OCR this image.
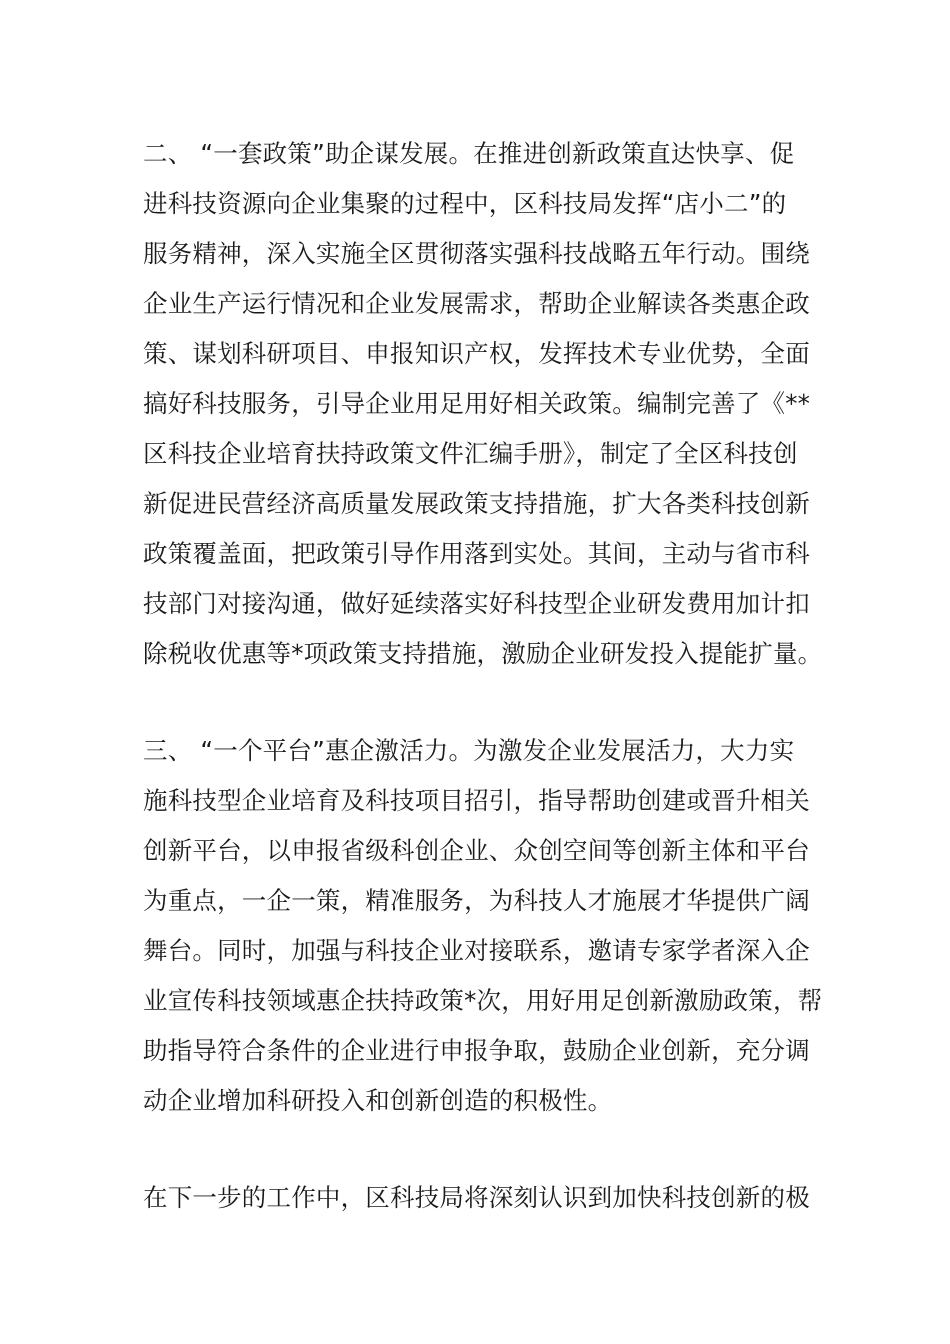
二、 “一套政策”助企谋发展。在推进创新政策直达快享、促
进科技资源向企业集聚的过程中，区科技局发挥“店小二”的
服务精神，深入实施全区贯彻落实强科技战略五年行动。围绕
企业生产运行情况和企业发展需求，帮助企业解读各类惠企政
策、谋划科研项目、申报知识产权，发挥技术专业优势，全面
搞好科技服务，引导企业用足用好相关政策。编制完善了《**
区科技企业培育扶持政策文件汇编手册》，制定了全区科技创
新促进民营经济高质量发展政策支持措施，扩大各类科技创新
政策覆盖面，把政策引导作用落到实处。其间，主动与省市科
技部门对接沟通，做好延续落实好科技型企业研发费用加计扣
除税收优惠等*项政策支持措施，激励企业研发投入提能扩量。
三、 “一个平台”惠企激活力。为激发企业发展活力，大力实
施科技型企业培育及科技项目招引，指导帮助创建或晋升相关
创新平台，以申报省级科创企业、众创空间等创新主体和平台
为重点，一企一策，精准服务，为科技人才施展才华提供广阔
舞台。同时，加强与科技企业对接联系，邀请专家学者深入企
业宣传科技领域惠企扶持政策*次，用好用足创新激励政策，帮
助指导符合条件的企业进行申报争取，鼓励企业创新，充分调
动企业增加科研投入和创新创造的积极性。
在下一步的工作中，区科技局将深刻认识到加快科技创新的极
